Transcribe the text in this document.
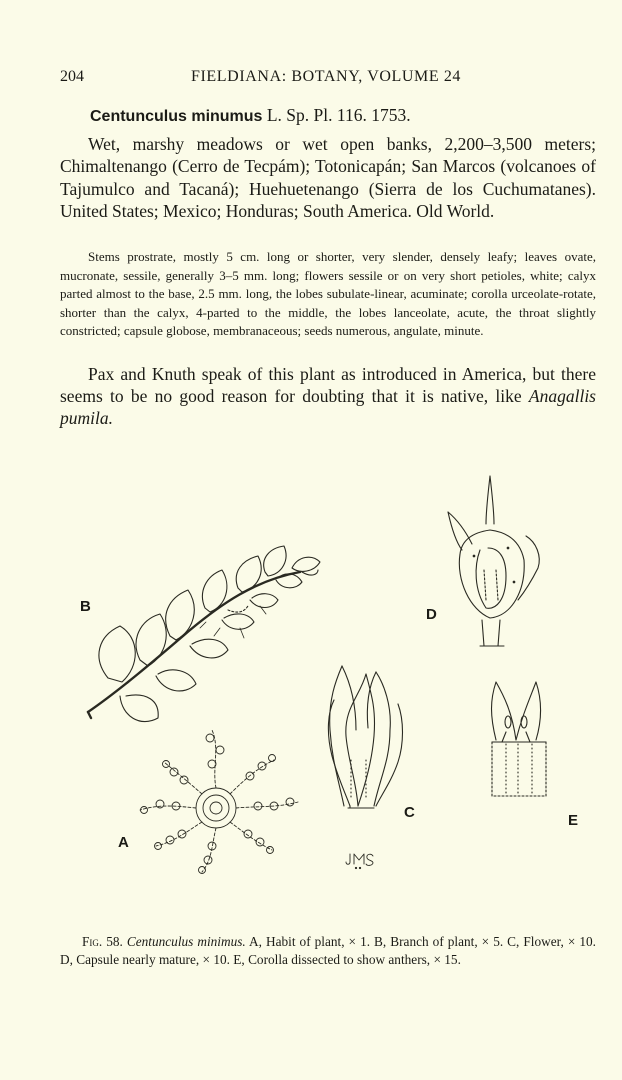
204	FIELDIANA: BOTANY, VOLUME 24
Centunculus minumus L. Sp. Pl. 116. 1753.

Wet, marshy meadows or wet open banks, 2,200–3,500 meters; Chimaltenango (Cerro de Tecpám); Totonicapán; San Marcos (volcanoes of Tajumulco and Tacaná); Huehuetenango (Sierra de los Cuchumatanes). United States; Mexico; Honduras; South America. Old World.

Stems prostrate, mostly 5 cm. long or shorter, very slender, densely leafy; leaves ovate, mucronate, sessile, generally 3–5 mm. long; flowers sessile or on very short petioles, white; calyx parted almost to the base, 2.5 mm. long, the lobes subulate-linear, acuminate; corolla urceolate-rotate, shorter than the calyx, 4-parted to the middle, the lobes lanceolate, acute, the throat slightly constricted; capsule globose, membranaceous; seeds numerous, angulate, minute.

Pax and Knuth speak of this plant as introduced in America, but there seems to be no good reason for doubting that it is native, like Anagallis pumila.

B	D
C	E
A

Fig. 58. Centunculus minimus. A, Habit of plant, × 1. B, Branch of plant, × 5. C, Flower, × 10. D, Capsule nearly mature, × 10. E, Corolla dissected to show anthers, × 15.
